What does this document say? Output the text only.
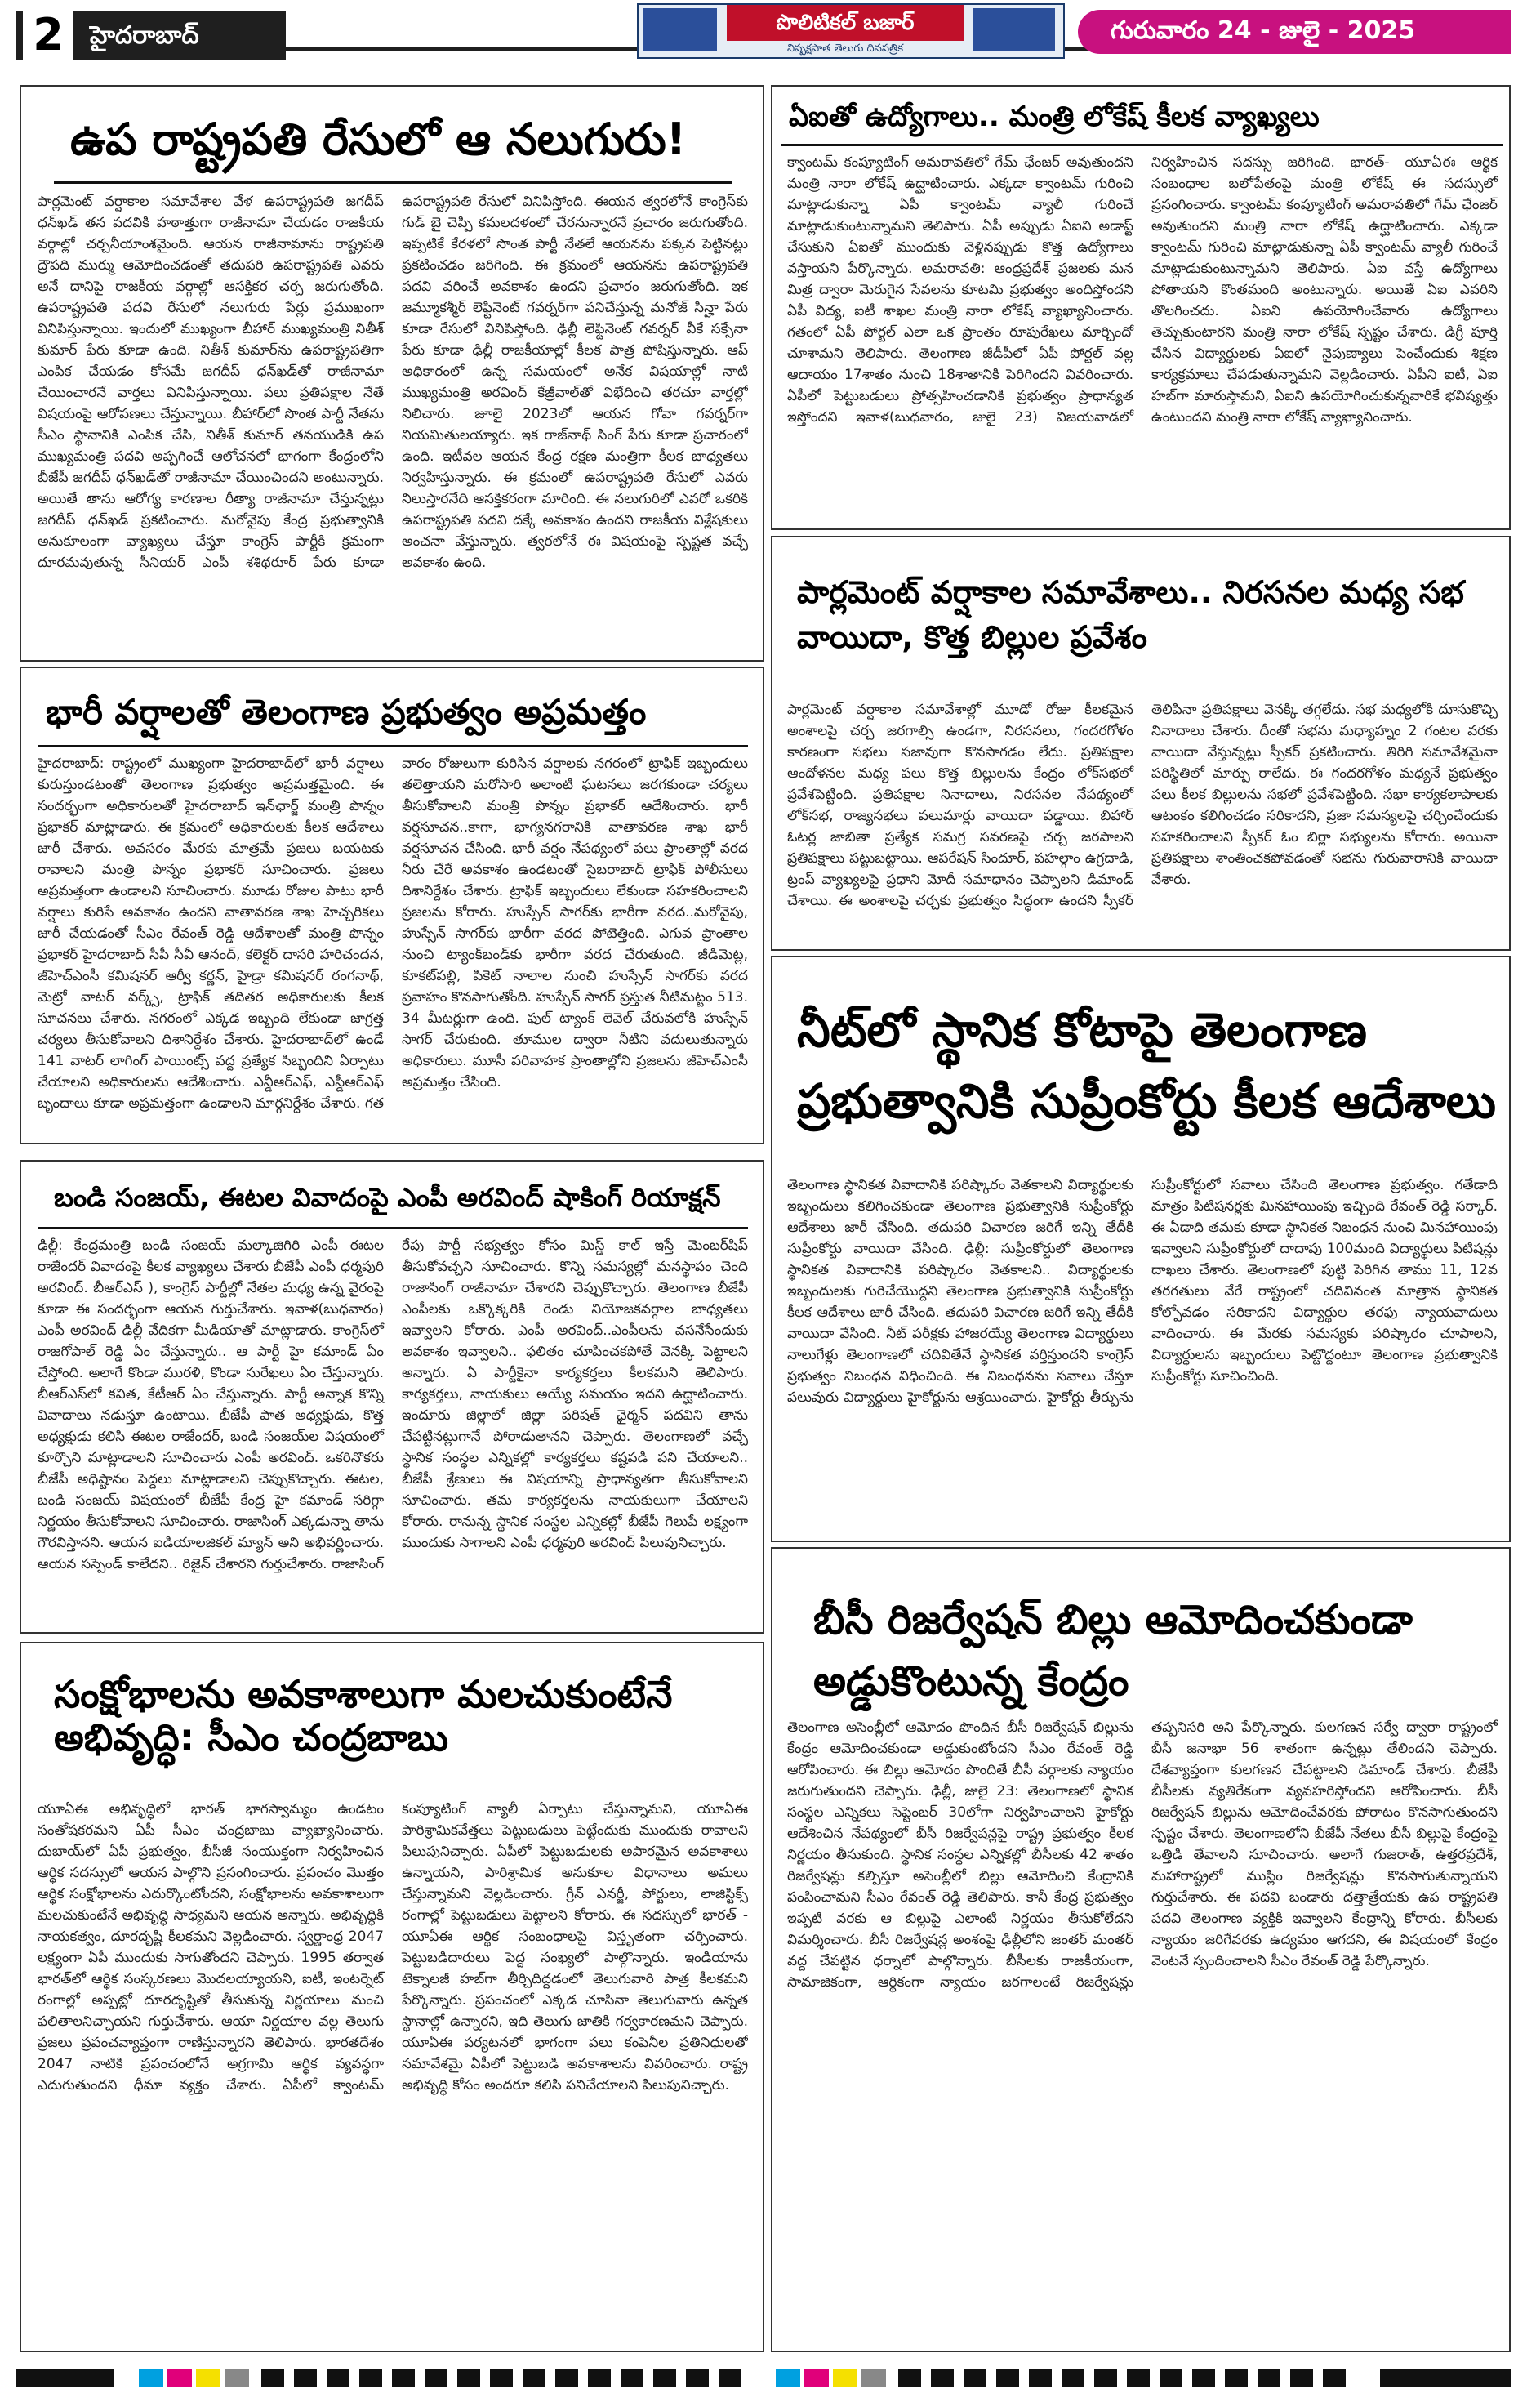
2	హైదరాబాద్	పొలిటికల్ బజార్
నిష్పక్షపాత తెలుగు దినపత్రిక
గురువారం 24 - జులై - 2025
ఉప రాష్ట్రపతి రేసులో ఆ నలుగురు!
పార్లమెంట్ వర్షాకాల సమావేశాల వేళ ఉపరాష్ట్రపతి జగదీప్ ధన్‌ఖడ్ తన పదవికి హఠాత్తుగా రాజీనామా చేయడం రాజకీయ వర్గాల్లో చర్చనీయాంశమైంది. ఆయన రాజీనామాను రాష్ట్రపతి ద్రౌపది ముర్ము ఆమోదించడంతో తదుపరి ఉపరాష్ట్రపతి ఎవరు అనే దానిపై రాజకీయ వర్గాల్లో ఆసక్తికర చర్చ జరుగుతోంది. ఉపరాష్ట్రపతి పదవి రేసులో నలుగురు పేర్లు ప్రముఖంగా వినిపిస్తున్నాయి. ఇందులో ముఖ్యంగా బీహార్ ముఖ్యమంత్రి నితీశ్ కుమార్ పేరు కూడా ఉంది. నితీశ్ కుమార్‌ను ఉపరాష్ట్రపతిగా ఎంపిక చేయడం కోసమే జగదీప్ ధన్‌ఖడ్‌తో రాజీనామా చేయించారనే వార్తలు వినిపిస్తున్నాయి. పలు ప్రతిపక్షాల నేతే విషయంపై ఆరోపణలు చేస్తున్నాయి. బీహార్‌లో సొంత పార్టీ నేతను సీఎం స్థానానికి ఎంపిక చేసి, నితీశ్ కుమార్ తనయుడికి ఉప ముఖ్యమంత్రి పదవి అప్పగించే ఆలోచనలో భాగంగా కేంద్రంలోని బీజేపీ జగదీప్ ధన్‌ఖడ్‌తో రాజీనామా చేయించిందని అంటున్నారు. అయితే తాను ఆరోగ్య కారణాల రీత్యా రాజీనామా చేస్తున్నట్లు జగదీప్ ధన్‌ఖడ్ ప్రకటించారు. మరోవైపు కేంద్ర ప్రభుత్వానికి అనుకూలంగా వ్యాఖ్యలు చేస్తూ కాంగ్రెస్ పార్టీకి క్రమంగా దూరమవుతున్న సీనియర్ ఎంపీ శశిథరూర్ పేరు కూడా ఉపరాష్ట్రపతి రేసులో వినిపిస్తోంది. ఈయన త్వరలోనే కాంగ్రెస్‌కు గుడ్ బై చెప్పి కమలదళంలో చేరనున్నారనే ప్రచారం జరుగుతోంది. ఇప్పటికే కేరళలో సొంత పార్టీ నేతలే ఆయనను పక్కన పెట్టినట్లు ప్రకటించడం జరిగింది. ఈ క్రమంలో ఆయనను ఉపరాష్ట్రపతి పదవి వరించే అవకాశం ఉందని ప్రచారం జరుగుతోంది. ఇక జమ్మూకశ్మీర్ లెఫ్టినెంట్ గవర్నర్‌గా పనిచేస్తున్న మనోజ్ సిన్హా పేరు కూడా రేసులో వినిపిస్తోంది. ఢిల్లీ లెఫ్టినెంట్ గవర్నర్ వీకే సక్సేనా పేరు కూడా ఢిల్లీ రాజకీయాల్లో కీలక పాత్ర పోషిస్తున్నారు. ఆప్ అధికారంలో ఉన్న సమయంలో అనేక విషయాల్లో నాటి ముఖ్యమంత్రి అరవింద్ కేజ్రీవాల్‌తో విభేదించి తరచూ వార్తల్లో నిలిచారు. జూలై 2023లో ఆయన గోవా గవర్నర్‌గా నియమితులయ్యారు. ఇక రాజ్‌నాథ్ సింగ్ పేరు కూడా ప్రచారంలో ఉంది. ఇటీవల ఆయన కేంద్ర రక్షణ మంత్రిగా కీలక బాధ్యతలు నిర్వహిస్తున్నారు. ఈ క్రమంలో ఉపరాష్ట్రపతి రేసులో ఎవరు నిలుస్తారనేది ఆసక్తికరంగా మారింది. ఈ నలుగురిలో ఎవరో ఒకరికి ఉపరాష్ట్రపతి పదవి దక్కే అవకాశం ఉందని రాజకీయ విశ్లేషకులు అంచనా వేస్తున్నారు. త్వరలోనే ఈ విషయంపై స్పష్టత వచ్చే అవకాశం ఉంది.
భారీ వర్షాలతో తెలంగాణ ప్రభుత్వం అప్రమత్తం
హైదరాబాద్: రాష్ట్రంలో ముఖ్యంగా హైదరాబాద్‌లో భారీ వర్షాలు కురుస్తుండటంతో తెలంగాణ ప్రభుత్వం అప్రమత్తమైంది. ఈ సందర్భంగా అధికారులతో హైదరాబాద్ ఇన్‌ఛార్జ్ మంత్రి పొన్నం ప్రభాకర్ మాట్లాడారు. ఈ క్రమంలో అధికారులకు కీలక ఆదేశాలు జారీ చేశారు. అవసరం మేరకు మాత్రమే ప్రజలు బయటకు రావాలని మంత్రి పొన్నం ప్రభాకర్ సూచించారు. ప్రజలు అప్రమత్తంగా ఉండాలని సూచించారు. మూడు రోజుల పాటు భారీ వర్షాలు కురిసే అవకాశం ఉందని వాతావరణ శాఖ హెచ్చరికలు జారీ చేయడంతో సీఎం రేవంత్ రెడ్డి ఆదేశాలతో మంత్రి పొన్నం ప్రభాకర్ హైదరాబాద్ సీపీ సీవీ ఆనంద్, కలెక్టర్ దాసరి హరిచందన, జీహెచ్ఎంసీ కమిషనర్ ఆర్వీ కర్ణన్, హైడ్రా కమిషనర్ రంగనాథ్, మెట్రో వాటర్ వర్క్స్, ట్రాఫిక్ తదితర అధికారులకు కీలక సూచనలు చేశారు. నగరంలో ఎక్కడ ఇబ్బంది లేకుండా జాగ్రత్త చర్యలు తీసుకోవాలని దిశానిర్దేశం చేశారు. హైదరాబాద్‌లో ఉండే 141 వాటర్ లాగింగ్ పాయింట్స్ వద్ద ప్రత్యేక సిబ్బందిని ఏర్పాటు చేయాలని అధికారులను ఆదేశించారు. ఎన్డీఆర్ఎఫ్, ఎస్డీఆర్ఎఫ్ బృందాలు కూడా అప్రమత్తంగా ఉండాలని మార్గనిర్దేశం చేశారు. గత వారం రోజులుగా కురిసిన వర్షాలకు నగరంలో ట్రాఫిక్ ఇబ్బందులు తలెత్తాయని మరోసారి అలాంటి ఘటనలు జరగకుండా చర్యలు తీసుకోవాలని మంత్రి పొన్నం ప్రభాకర్ ఆదేశించారు. భారీ వర్షసూచన..కాగా, భాగ్యనగరానికి వాతావరణ శాఖ భారీ వర్షసూచన చేసింది. భారీ వర్షం నేపథ్యంలో పలు ప్రాంతాల్లో వరద నీరు చేరే అవకాశం ఉండటంతో సైబరాబాద్ ట్రాఫిక్ పోలీసులు దిశానిర్దేశం చేశారు. ట్రాఫిక్ ఇబ్బందులు లేకుండా సహకరించాలని ప్రజలను కోరారు. హుస్సేన్ సాగర్‌కు భారీగా వరద..మరోవైపు, హుస్సేన్ సాగర్‌కు భారీగా వరద పోటెత్తింది. ఎగువ ప్రాంతాల నుంచి ట్యాంక్‌బండ్‌కు భారీగా వరద చేరుతుంది. జీడిమెట్ల, కూకట్‌పల్లి, పికెట్ నాలాల నుంచి హుస్సేన్ సాగర్‌కు వరద ప్రవాహం కొనసాగుతోంది. హుస్సేన్ సాగర్ ప్రస్తుత నీటిమట్టం 513. 34 మీటర్లుగా ఉంది. ఫుల్ ట్యాంక్ లెవెల్ చేరువలోకి హుస్సేన్ సాగర్ చేరుకుంది. తూముల ద్వారా నీటిని వదులుతున్నారు అధికారులు. మూసీ పరివాహక ప్రాంతాల్లోని ప్రజలను జీహెచ్ఎంసీ అప్రమత్తం చేసింది.
బండి సంజయ్, ఈటల వివాదంపై ఎంపీ అరవింద్ షాకింగ్ రియాక్షన్
ఢిల్లీ: కేంద్రమంత్రి బండి సంజయ్‌ మల్కాజిగిరి ఎంపీ ఈటల రాజేందర్‌ వివాదంపై కీలక వ్యాఖ్యలు చేశారు బీజేపీ ఎంపీ ధర్మపురి అరవింద్. బీఆర్ఎస్ ), కాంగ్రెస్ పార్టీల్లో నేతల మధ్య ఉన్న వైరంపై కూడా ఈ సందర్భంగా ఆయన గుర్తుచేశారు. ఇవాళ(బుధవారం) ఎంపీ అరవింద్ ఢిల్లీ వేదికగా మీడియాతో మాట్లాడారు. కాంగ్రెస్‌లో రాజగోపాల్ రెడ్డి ఏం చేస్తున్నారు.. ఆ పార్టీ హై కమాండ్ ఏం చేస్తోంది. అలాగే కొండా మురళి, కొండా సురేఖలు ఏం చేస్తున్నారు. బీఆర్ఎస్‌లో కవిత, కేటీఆర్ ఏం చేస్తున్నారు. పార్టీ అన్నాక కొన్ని వివాదాలు నడుస్తూ ఉంటాయి. బీజేపీ పాత అధ్యక్షుడు, కొత్త అధ్యక్షుడు కలిసి ఈటల రాజేందర్, బండి సంజయ్‌ల విషయంలో కూర్చొని మాట్లాడాలని సూచించారు ఎంపీ అరవింద్. ఒకరినొకరు బీజేపీ అధిష్టానం పెద్దలు మాట్లాడాలని చెప్పుకొచ్చారు. ఈటల, బండి సంజయ్ విషయంలో బీజేపీ కేంద్ర హై కమాండ్ సరిగ్గా నిర్ణయం తీసుకోవాలని సూచించారు. రాజాసింగ్ ఎక్కడున్నా తాను గౌరవిస్తానని. ఆయన ఐడియాలజికల్ మ్యాన్ అని అభివర్ణించారు. ఆయన సస్పెండ్ కాలేదని.. రిజైన్ చేశారని గుర్తుచేశారు. రాజాసింగ్ రేపు పార్టీ సభ్యత్వం కోసం మిస్డ్ కాల్ ఇస్తే మెంబర్‌షిప్ తీసుకోవచ్చని సూచించారు. కొన్ని సమస్యల్లో మనస్థాపం చెంది రాజాసింగ్ రాజీనామా చేశారని చెప్పుకొచ్చారు. తెలంగాణ బీజేపీ ఎంపీలకు ఒక్కొక్కరికి రెండు నియోజకవర్గాల బాధ్యతలు ఇవ్వాలని కోరారు. ఎంపీ అరవింద్..ఎంపీలను వసనేసేందుకు అవకాశం ఇవ్వాలని.. ఫలితం చూపించకపోతే వెనక్కి పెట్టాలని అన్నారు. ఏ పార్టీకైనా కార్యకర్తలు కీలకమని తెలిపారు. కార్యకర్తలు, నాయకులు అయ్యే సమయం ఇదని ఉద్ఘాటించారు. ఇందూరు జిల్లాలో జిల్లా పరిషత్ ఛైర్మన్ పదవిని తాను చేపట్టినట్లుగానే పోరాడుతానని చెప్పారు. తెలంగాణలో వచ్చే స్థానిక సంస్థల ఎన్నికల్లో కార్యకర్తలు కష్టపడి పని చేయాలని.. బీజేపీ శ్రేణులు ఈ విషయాన్ని ప్రాధాన్యతగా తీసుకోవాలని సూచించారు. తమ కార్యకర్తలను నాయకులుగా చేయాలని కోరారు. రానున్న స్థానిక సంస్థల ఎన్నికల్లో బీజేపీ గెలుపే లక్ష్యంగా ముందుకు సాగాలని ఎంపీ ధర్మపురి అరవింద్ పిలుపునిచ్చారు.
సంక్షోభాలను అవకాశాలుగా మలచుకుంటేనే అభివృద్ధి: సీఎం చంద్రబాబు
యూఏఈ అభివృద్ధిలో భారత్ భాగస్వామ్యం ఉండటం సంతోషకరమని ఏపీ సీఎం చంద్రబాబు వ్యాఖ్యానించారు. దుబాయ్‌లో ఏపీ ప్రభుత్వం, బీసీజీ సంయుక్తంగా నిర్వహించిన ఆర్థిక సదస్సులో ఆయన పాల్గొని ప్రసంగించారు. ప్రపంచం మొత్తం ఆర్థిక సంక్షోభాలను ఎదుర్కొంటోందని, సంక్షోభాలను అవకాశాలుగా మలచుకుంటేనే అభివృద్ధి సాధ్యమని ఆయన అన్నారు. అభివృద్ధికి నాయకత్వం, దూరదృష్టి కీలకమని వెల్లడించారు. స్వర్ణాంధ్ర 2047 లక్ష్యంగా ఏపీ ముందుకు సాగుతోందని చెప్పారు. 1995 తర్వాత భారత్‌లో ఆర్థిక సంస్కరణలు మొదలయ్యాయని, ఐటీ, ఇంటర్నెట్ రంగాల్లో అప్పట్లో దూరదృష్టితో తీసుకున్న నిర్ణయాలు మంచి ఫలితాలనిచ్చాయని గుర్తుచేశారు. ఆయా నిర్ణయాల వల్ల తెలుగు ప్రజలు ప్రపంచవ్యాప్తంగా రాణిస్తున్నారని తెలిపారు. భారతదేశం 2047 నాటికి ప్రపంచంలోనే అగ్రగామి ఆర్థిక వ్యవస్థగా ఎదుగుతుందని ధీమా వ్యక్తం చేశారు. ఏపీలో క్వాంటమ్ కంప్యూటింగ్ వ్యాలీ ఏర్పాటు చేస్తున్నామని, యూఏఈ పారిశ్రామికవేత్తలు పెట్టుబడులు పెట్టేందుకు ముందుకు రావాలని పిలుపునిచ్చారు. ఏపీలో పెట్టుబడులకు అపారమైన అవకాశాలు ఉన్నాయని, పారిశ్రామిక అనుకూల విధానాలు అమలు చేస్తున్నామని వెల్లడించారు. గ్రీన్ ఎనర్జీ, పోర్టులు, లాజిస్టిక్స్ రంగాల్లో పెట్టుబడులు పెట్టాలని కోరారు. ఈ సదస్సులో భారత్ - యూఏఈ ఆర్థిక సంబంధాలపై విస్తృతంగా చర్చించారు. పెట్టుబడిదారులు పెద్ద సంఖ్యలో పాల్గొన్నారు. ఇండియాను టెక్నాలజీ హబ్‌గా తీర్చిదిద్దడంలో తెలుగువారి పాత్ర కీలకమని పేర్కొన్నారు. ప్రపంచంలో ఎక్కడ చూసినా తెలుగువారు ఉన్నత స్థానాల్లో ఉన్నారని, ఇది తెలుగు జాతికి గర్వకారణమని చెప్పారు. యూఏఈ పర్యటనలో భాగంగా పలు కంపెనీల ప్రతినిధులతో సమావేశమై ఏపీలో పెట్టుబడి అవకాశాలను వివరించారు. రాష్ట్ర అభివృద్ధి కోసం అందరూ కలిసి పనిచేయాలని పిలుపునిచ్చారు.
ఏఐతో ఉద్యోగాలు.. మంత్రి లోకేష్ కీలక వ్యాఖ్యలు
క్వాంటమ్ కంప్యూటింగ్ అమరావతిలో గేమ్ ఛేంజర్ అవుతుందని మంత్రి నారా లోకేష్ ఉద్ఘాటించారు. ఎక్కడా క్వాంటమ్ గురించి మాట్లాడుకున్నా ఏపీ క్వాంటమ్ వ్యాలీ గురించే మాట్లాడుకుంటున్నామని తెలిపారు. ఏపీ అప్పుడు ఏఐని అడాప్ట్ చేసుకుని ఏఐతో ముందుకు వెళ్లినప్పుడు కొత్త ఉద్యోగాలు వస్తాయని పేర్కొన్నారు. అమరావతి: ఆంధ్రప్రదేశ్ ప్రజలకు మన మిత్ర ద్వారా మెరుగైన సేవలను కూటమి ప్రభుత్వం అందిస్తోందని ఏపీ విద్య, ఐటీ శాఖల మంత్రి నారా లోకేష్ వ్యాఖ్యానించారు. గతంలో ఏపీ పోర్టల్ ఎలా ఒక ప్రాంతం రూపురేఖలు మార్చిందో చూశామని తెలిపారు. తెలంగాణ జీడీపీలో ఏపీ పోర్టల్ వల్ల ఆదాయం 17శాతం నుంచి 18శాతానికి పెరిగిందని వివరించారు. ఏపీలో పెట్టుబడులు ప్రోత్సహించడానికి ప్రభుత్వం ప్రాధాన్యత ఇస్తోందని ఇవాళ(బుధవారం, జులై 23) విజయవాడలో నిర్వహించిన సదస్సు జరిగింది. భారత్- యూఏఈ ఆర్థిక సంబంధాల బలోపేతంపై మంత్రి లోకేష్ ఈ సదస్సులో ప్రసంగించారు. క్వాంటమ్ కంప్యూటింగ్ అమరావతిలో గేమ్ ఛేంజర్ అవుతుందని మంత్రి నారా లోకేష్ ఉద్ఘాటించారు. ఎక్కడా క్వాంటమ్ గురించి మాట్లాడుకున్నా ఏపీ క్వాంటమ్ వ్యాలీ గురించే మాట్లాడుకుంటున్నామని తెలిపారు. ఏఐ వస్తే ఉద్యోగాలు పోతాయని కొంతమంది అంటున్నారు. అయితే ఏఐ ఎవరిని తొలగించదు. ఏఐని ఉపయోగించేవారు ఉద్యోగాలు తెచ్చుకుంటారని మంత్రి నారా లోకేష్ స్పష్టం చేశారు. డిగ్రీ పూర్తి చేసిన విద్యార్థులకు ఏఐలో నైపుణ్యాలు పెంచేందుకు శిక్షణ కార్యక్రమాలు చేపడుతున్నామని వెల్లడించారు. ఏపీని ఐటీ, ఏఐ హబ్‌గా మారుస్తామని, ఏఐని ఉపయోగించుకున్నవారికే భవిష్యత్తు ఉంటుందని మంత్రి నారా లోకేష్ వ్యాఖ్యానించారు.
పార్లమెంట్ వర్షాకాల సమావేశాలు.. నిరసనల మధ్య సభ వాయిదా, కొత్త బిల్లుల ప్రవేశం
పార్లమెంట్ వర్షాకాల సమావేశాల్లో మూడో రోజు కీలకమైన అంశాలపై చర్చ జరగాల్సి ఉండగా, నిరసనలు, గందరగోళం కారణంగా సభలు సజావుగా కొనసాగడం లేదు. ప్రతిపక్షాల ఆందోళనల మధ్య పలు కొత్త బిల్లులను కేంద్రం లోక్‌సభలో ప్రవేశపెట్టింది. ప్రతిపక్షాల నినాదాలు, నిరసనల నేపథ్యంలో లోక్‌సభ, రాజ్యసభలు పలుమార్లు వాయిదా పడ్డాయి. బిహార్ ఓటర్ల జాబితా ప్రత్యేక సమగ్ర సవరణపై చర్చ జరపాలని ప్రతిపక్షాలు పట్టుబట్టాయి. ఆపరేషన్ సిందూర్, పహల్గాం ఉగ్రదాడి, ట్రంప్ వ్యాఖ్యలపై ప్రధాని మోదీ సమాధానం చెప్పాలని డిమాండ్ చేశాయి. ఈ అంశాలపై చర్చకు ప్రభుత్వం సిద్ధంగా ఉందని స్పీకర్ తెలిపినా ప్రతిపక్షాలు వెనక్కి తగ్గలేదు. సభ మధ్యలోకి దూసుకొచ్చి నినాదాలు చేశారు. దీంతో సభను మధ్యాహ్నం 2 గంటల వరకు వాయిదా వేస్తున్నట్లు స్పీకర్ ప్రకటించారు. తిరిగి సమావేశమైనా పరిస్థితిలో మార్పు రాలేదు. ఈ గందరగోళం మధ్యనే ప్రభుత్వం పలు కీలక బిల్లులను సభలో ప్రవేశపెట్టింది. సభా కార్యకలాపాలకు ఆటంకం కలిగించడం సరికాదని, ప్రజా సమస్యలపై చర్చించేందుకు సహకరించాలని స్పీకర్ ఓం బిర్లా సభ్యులను కోరారు. అయినా ప్రతిపక్షాలు శాంతించకపోవడంతో సభను గురువారానికి వాయిదా వేశారు.
నీట్‌లో స్థానిక కోటాపై తెలంగాణ ప్రభుత్వానికి సుప్రీంకోర్టు కీలక ఆదేశాలు
తెలంగాణ స్థానికత వివాదానికి పరిష్కారం వెతకాలని విద్యార్థులకు ఇబ్బందులు కలిగించకుండా తెలంగాణ ప్రభుత్వానికి సుప్రీంకోర్టు ఆదేశాలు జారీ చేసింది. తదుపరి విచారణ జరిగే ఇన్ని తేదీకి సుప్రీంకోర్టు వాయిదా వేసింది. ఢిల్లీ: సుప్రీంకోర్టులో తెలంగాణ స్థానికత వివాదానికి పరిష్కారం వెతకాలని.. విద్యార్థులకు ఇబ్బందులకు గురిచేయొద్దని తెలంగాణ ప్రభుత్వానికి సుప్రీంకోర్టు కీలక ఆదేశాలు జారీ చేసింది. తదుపరి విచారణ జరిగే ఇన్ని తేదీకి వాయిదా వేసింది. నీట్ పరీక్షకు హాజరయ్యే తెలంగాణ విద్యార్థులు నాలుగేళ్లు తెలంగాణలో చదివితేనే స్థానికత వర్తిస్తుందని కాంగ్రెస్ ప్రభుత్వం నిబంధన విధించింది. ఈ నిబంధనను సవాలు చేస్తూ పలువురు విద్యార్థులు హైకోర్టును ఆశ్రయించారు. హైకోర్టు తీర్పును సుప్రీంకోర్టులో సవాలు చేసింది తెలంగాణ ప్రభుత్వం. గతేడాది మాత్రం పిటిషనర్లకు మినహాయింపు ఇచ్చింది రేవంత్ రెడ్డి సర్కార్. ఈ ఏడాది తమకు కూడా స్థానికత నిబంధన నుంచి మినహాయింపు ఇవ్వాలని సుప్రీంకోర్టులో దాదాపు 100మంది విద్యార్థులు పిటిషన్లు దాఖలు చేశారు. తెలంగాణలో పుట్టి పెరిగిన తాము 11, 12వ తరగతులు వేరే రాష్ట్రంలో చదివినంత మాత్రాన స్థానికత కోల్పోవడం సరికాదని విద్యార్థుల తరఫు న్యాయవాదులు వాదించారు. ఈ మేరకు సమస్యకు పరిష్కారం చూపాలని, విద్యార్థులను ఇబ్బందులు పెట్టొద్దంటూ తెలంగాణ ప్రభుత్వానికి సుప్రీంకోర్టు సూచించింది.
బీసీ రిజర్వేషన్ బిల్లు ఆమోదించకుండా అడ్డుకొంటున్న కేంద్రం
తెలంగాణ అసెంబ్లీలో ఆమోదం పొందిన బీసీ రిజర్వేషన్ బిల్లును కేంద్రం ఆమోదించకుండా అడ్డుకుంటోందని సీఎం రేవంత్ రెడ్డి ఆరోపించారు. ఈ బిల్లు ఆమోదం పొందితే బీసీ వర్గాలకు న్యాయం జరుగుతుందని చెప్పారు. ఢిల్లీ, జులై 23: తెలంగాణలో స్థానిక సంస్థల ఎన్నికలు సెప్టెంబర్ 30లోగా నిర్వహించాలని హైకోర్టు ఆదేశించిన నేపథ్యంలో బీసీ రిజర్వేషన్లపై రాష్ట్ర ప్రభుత్వం కీలక నిర్ణయం తీసుకుంది. స్థానిక సంస్థల ఎన్నికల్లో బీసీలకు 42 శాతం రిజర్వేషన్లు కల్పిస్తూ అసెంబ్లీలో బిల్లు ఆమోదించి కేంద్రానికి పంపించామని సీఎం రేవంత్ రెడ్డి తెలిపారు. కానీ కేంద్ర ప్రభుత్వం ఇప్పటి వరకు ఆ బిల్లుపై ఎలాంటి నిర్ణయం తీసుకోలేదని విమర్శించారు. బీసీ రిజర్వేషన్ల అంశంపై ఢిల్లీలోని జంతర్ మంతర్ వద్ద చేపట్టిన ధర్నాలో పాల్గొన్నారు. బీసీలకు రాజకీయంగా, సామాజికంగా, ఆర్థికంగా న్యాయం జరగాలంటే రిజర్వేషన్లు తప్పనిసరి అని పేర్కొన్నారు. కులగణన సర్వే ద్వారా రాష్ట్రంలో బీసీ జనాభా 56 శాతంగా ఉన్నట్లు తేలిందని చెప్పారు. దేశవ్యాప్తంగా కులగణన చేపట్టాలని డిమాండ్ చేశారు. బీజేపీ బీసీలకు వ్యతిరేకంగా వ్యవహరిస్తోందని ఆరోపించారు. బీసీ రిజర్వేషన్ బిల్లును ఆమోదించేవరకు పోరాటం కొనసాగుతుందని స్పష్టం చేశారు. తెలంగాణలోని బీజేపీ నేతలు బీసీ బిల్లుపై కేంద్రంపై ఒత్తిడి తేవాలని సూచించారు. అలాగే గుజరాత్, ఉత్తరప్రదేశ్, మహారాష్ట్రలో ముస్లిం రిజర్వేషన్లు కొనసాగుతున్నాయని గుర్తుచేశారు. ఈ పదవి బండారు దత్తాత్రేయకు ఉప రాష్ట్రపతి పదవి తెలంగాణ వ్యక్తికి ఇవ్వాలని కేంద్రాన్ని కోరారు. బీసీలకు న్యాయం జరిగేవరకు ఉద్యమం ఆగదని, ఈ విషయంలో కేంద్రం వెంటనే స్పందించాలని సీఎం రేవంత్ రెడ్డి పేర్కొన్నారు.
